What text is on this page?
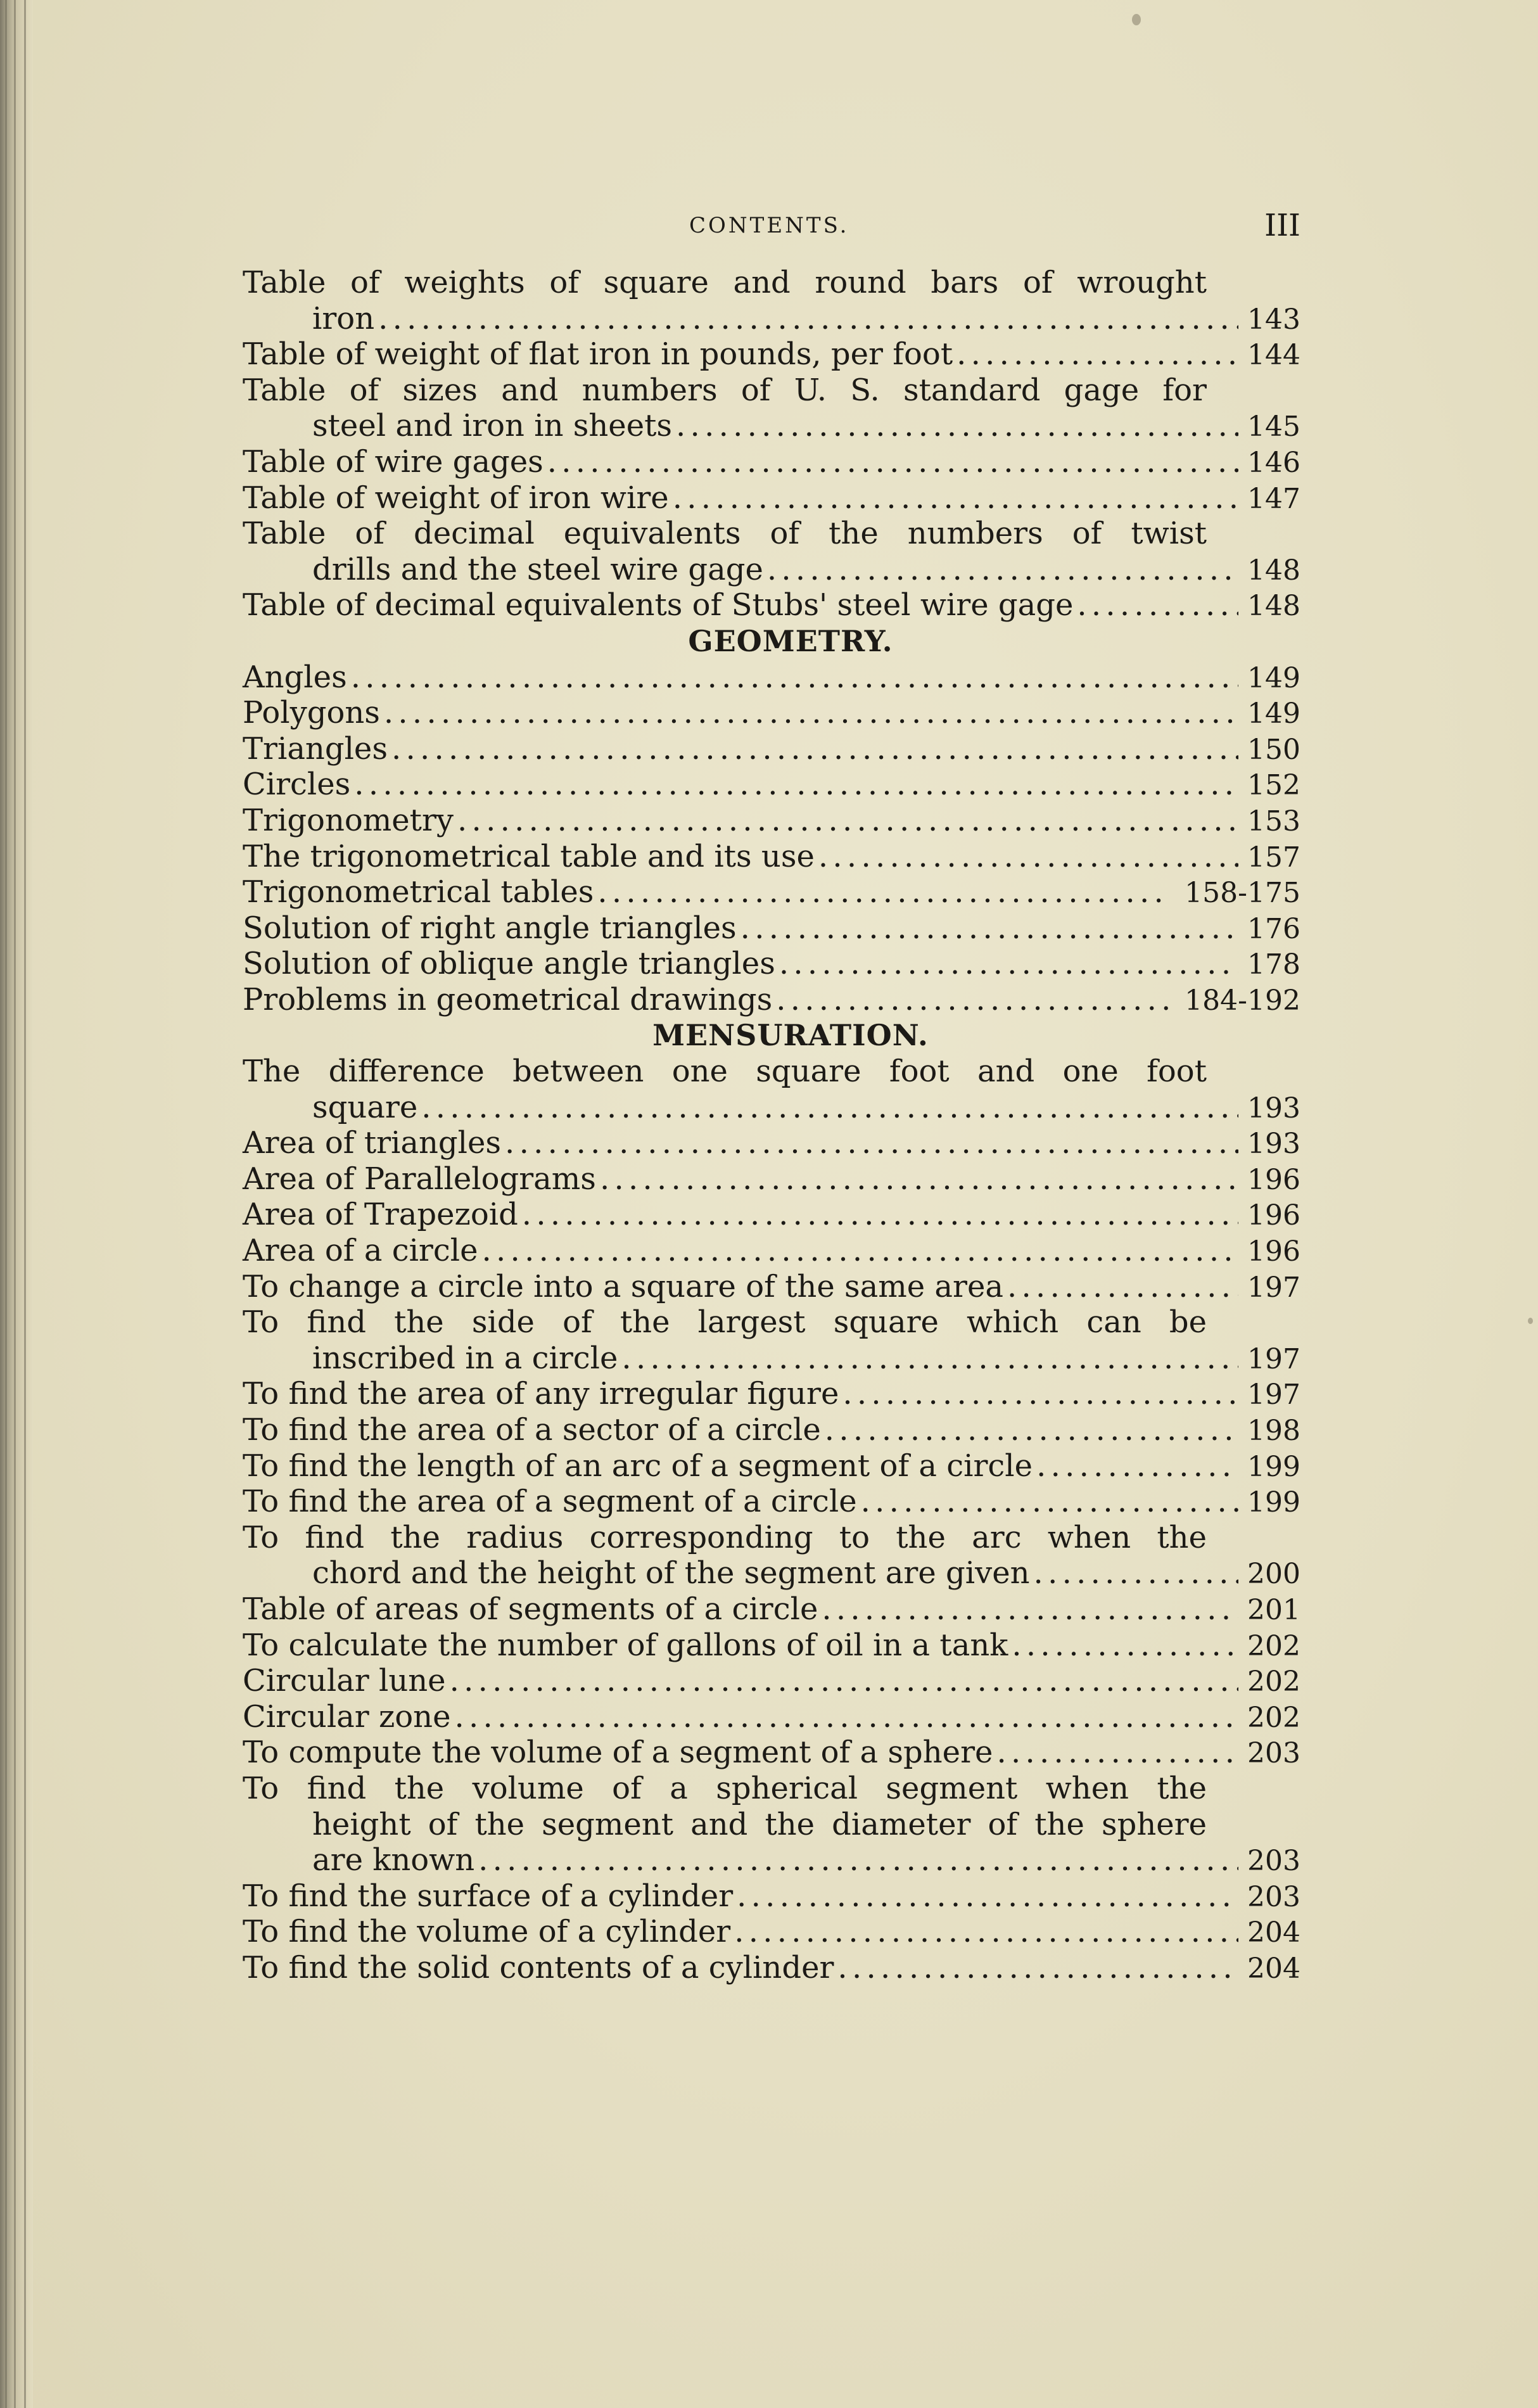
CONTENTS.	III
Table of weights of square and round bars of wrought
iron . . .	143
Table of weight of flat iron in pounds, per foot . . .	144
Table of sizes and numbers of U. S. standard gage for
steel and iron in sheets . . .	145
Table of wire gages . . .	146
Table of weight of iron wire . . .	147
Table of decimal equivalents of the numbers of twist
drills and the steel wire gage . . .	148
Table of decimal equivalents of Stubs' steel wire gage . . .	148
GEOMETRY.
Angles . . .	149
Polygons . . .	149
Triangles . . .	150
Circles . . .	152
Trigonometry . . .	153
The trigonometrical table and its use . . .	157
Trigonometrical tables . . .	158-175
Solution of right angle triangles . . .	176
Solution of oblique angle triangles . . .	178
Problems in geometrical drawings . . .	184-192
MENSURATION.
The difference between one square foot and one foot
square . . .	193
Area of triangles . . .	193
Area of Parallelograms . . .	196
Area of Trapezoid . . .	196
Area of a circle . . .	196
To change a circle into a square of the same area . . .	197
To find the side of the largest square which can be
inscribed in a circle . . .	197
To find the area of any irregular figure . . .	197
To find the area of a sector of a circle . . .	198
To find the length of an arc of a segment of a circle . . .	199
To find the area of a segment of a circle . . .	199
To find the radius corresponding to the arc when the
chord and the height of the segment are given . . .	200
Table of areas of segments of a circle . . .	201
To calculate the number of gallons of oil in a tank . . .	202
Circular lune . . .	202
Circular zone . . .	202
To compute the volume of a segment of a sphere . . .	203
To find the volume of a spherical segment when the
height of the segment and the diameter of the sphere
are known . . .	203
To find the surface of a cylinder . . .	203
To find the volume of a cylinder . . .	204
To find the solid contents of a cylinder . . .	204
